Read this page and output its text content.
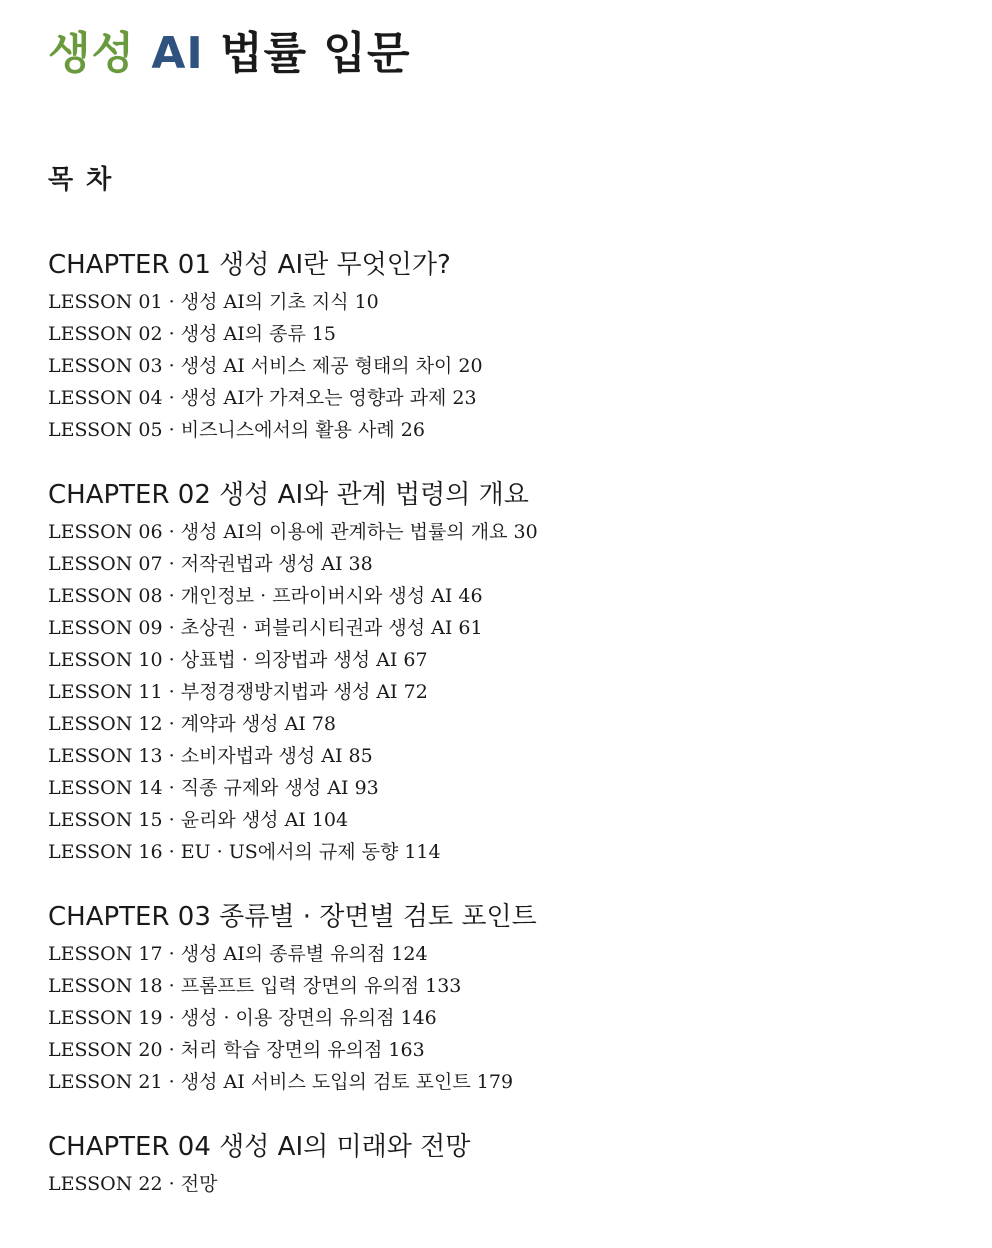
생성 AI 법률 입문
목 차
CHAPTER 01 생성 AI란 무엇인가?
LESSON 01 · 생성 AI의 기초 지식 10
LESSON 02 · 생성 AI의 종류 15
LESSON 03 · 생성 AI 서비스 제공 형태의 차이 20
LESSON 04 · 생성 AI가 가져오는 영향과 과제 23
LESSON 05 · 비즈니스에서의 활용 사례 26
CHAPTER 02 생성 AI와 관계 법령의 개요
LESSON 06 · 생성 AI의 이용에 관계하는 법률의 개요 30
LESSON 07 · 저작권법과 생성 AI 38
LESSON 08 · 개인정보 · 프라이버시와 생성 AI 46
LESSON 09 · 초상권 · 퍼블리시티권과 생성 AI 61
LESSON 10 · 상표법 · 의장법과 생성 AI 67
LESSON 11 · 부정경쟁방지법과 생성 AI 72
LESSON 12 · 계약과 생성 AI 78
LESSON 13 · 소비자법과 생성 AI 85
LESSON 14 · 직종 규제와 생성 AI 93
LESSON 15 · 윤리와 생성 AI 104
LESSON 16 · EU · US에서의 규제 동향 114
CHAPTER 03 종류별 · 장면별 검토 포인트
LESSON 17 · 생성 AI의 종류별 유의점 124
LESSON 18 · 프롬프트 입력 장면의 유의점 133
LESSON 19 · 생성 · 이용 장면의 유의점 146
LESSON 20 · 처리 학습 장면의 유의점 163
LESSON 21 · 생성 AI 서비스 도입의 검토 포인트 179
CHAPTER 04 생성 AI의 미래와 전망
LESSON 22 · 전망
